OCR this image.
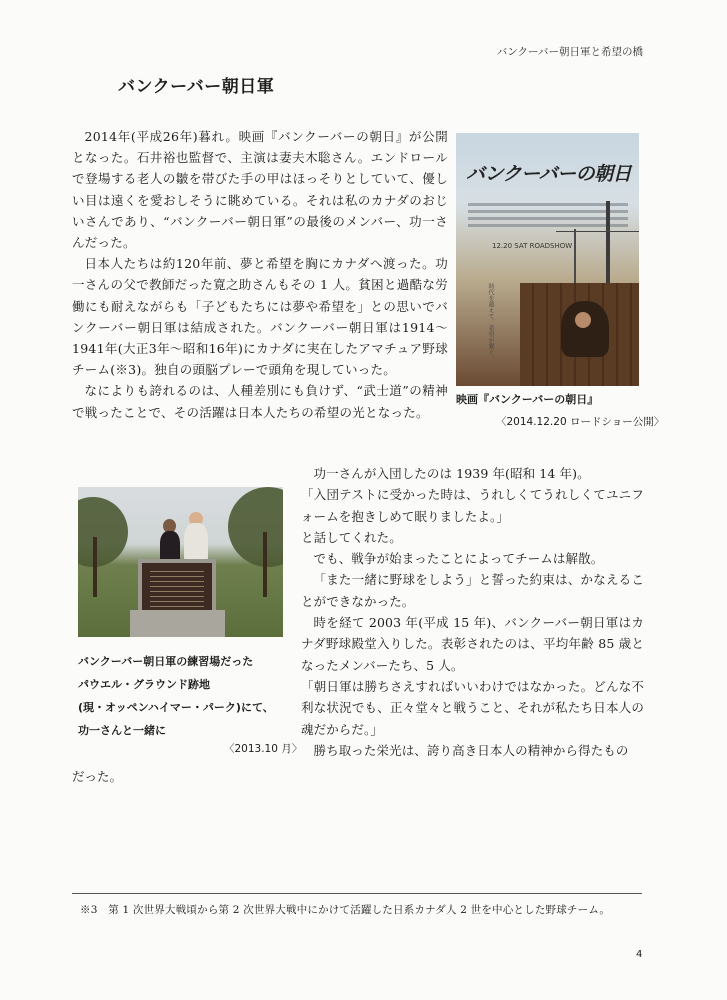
バンクーバー朝日軍と希望の橋
バンクーバー朝日軍

2014年(平成26年)暮れ。映画『バンクーバーの朝日』が公開となった。石井裕也監督で、主演は妻夫木聡さん。エンドロールで登場する老人の皺を帯びた手の甲はほっそりとしていて、優しい目は遠くを愛おしそうに眺めている。それは私のカナダのおじいさんであり、“バンクーバー朝日軍”の最後のメンバー、功一さんだった。

日本人たちは約120年前、夢と希望を胸にカナダへ渡った。功一さんの父で教師だった寛之助さんもその 1 人。貧困と過酷な労働にも耐えながらも「子どもたちには夢や希望を」との思いでバンクーバー朝日軍は結成された。バンクーバー朝日軍は1914〜1941年(大正3年〜昭和16年)にカナダに実在したアマチュア野球チーム(※3)。独自の頭脳プレーで頭角を現していった。

なによりも誇れるのは、人種差別にも負けず、“武士道”の精神で戦ったことで、その活躍は日本人たちの希望の光となった。

バンクーバーの朝日
12.20 SAT ROADSHOW
時代を越えて、希望が繋ぐ。
映画『バンクーバーの朝日』
〈2014.12.20 ロードショー公開〉
バンクーバー朝日軍の練習場だった
パウエル・グラウンド跡地
(現・オッペンハイマー・パーク)にて、
功一さんと一緒に
〈2013.10 月〉

功一さんが入団したのは 1939 年(昭和 14 年)。

「入団テストに受かった時は、うれしくてうれしくてユニフォームを抱きしめて眠りましたよ。」

と話してくれた。

でも、戦争が始まったことによってチームは解散。

「また一緒に野球をしよう」と誓った約束は、かなえることができなかった。

時を経て 2003 年(平成 15 年)、バンクーバー朝日軍はカナダ野球殿堂入りした。表彰されたのは、平均年齢 85 歳となったメンバーたち、5 人。

「朝日軍は勝ちさえすればいいわけではなかった。どんな不利な状況でも、正々堂々と戦うこと、それが私たち日本人の魂だからだ。」

勝ち取った栄光は、誇り高き日本人の精神から得たもの

だった。
※3　第 1 次世界大戦頃から第 2 次世界大戦中にかけて活躍した日系カナダ人 2 世を中心とした野球チーム。
4
